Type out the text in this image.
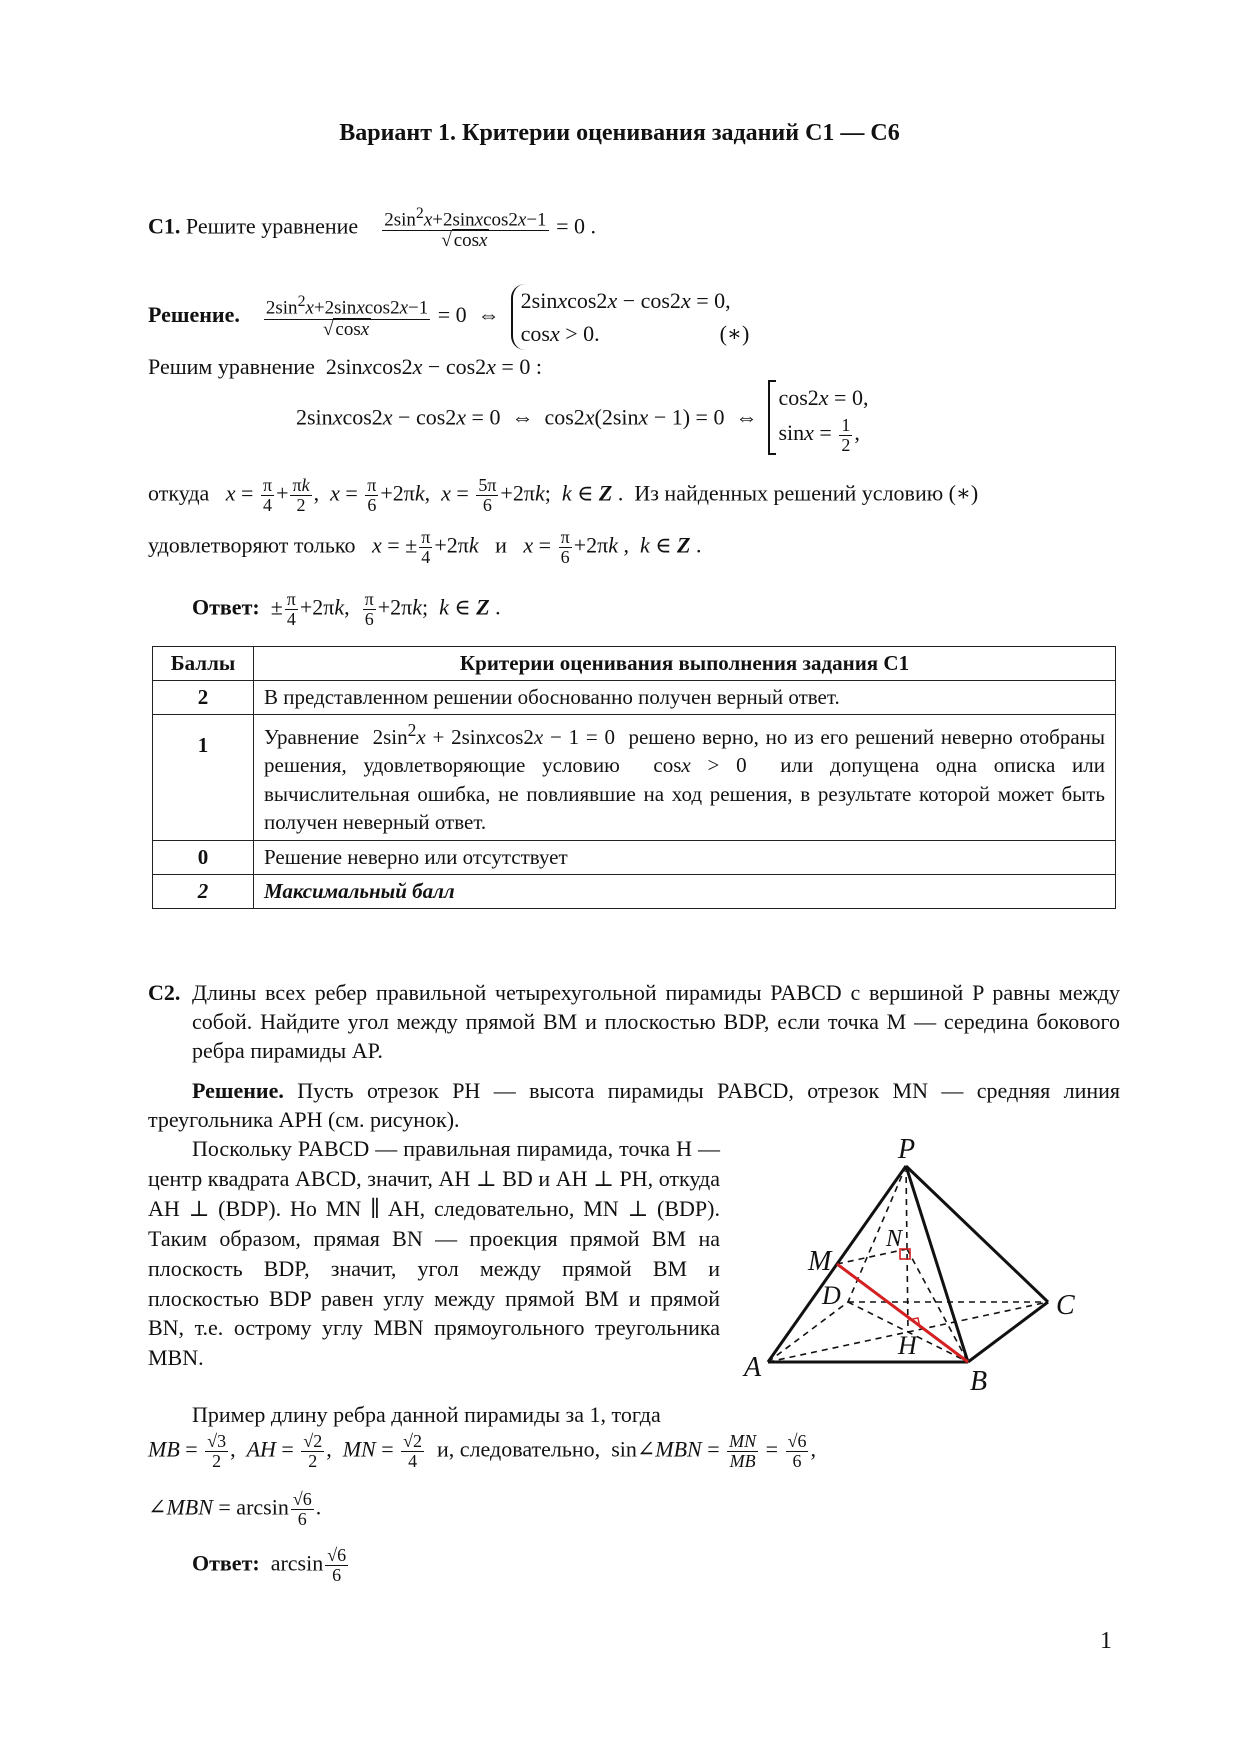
Вариант 1. Критерии оценивания заданий С1 — С6
С1. Решите уравнение $\frac{2\sin^2x+2sinxcos2x-1}{√ \cos x} = 0$ .
Решение. $\frac{2\sin^2x+2sinxcos2x-1}{√ \cos x} = 0$  ⇔  2sinxcos2x − cos2x = 0,
cosx > 0.	(∗)
Решим уравнение  2sinxcos2x − cos2x = 0 :
2sinxcos2x − cos2x = 0  ⇔  cos2x(2sinx − 1) = 0  ⇔  cos2x = 0,
$\sin x = \frac{1}{2}$ ,
откуда $x = \frac{\pi}{4} + \frac{\pi k}{2}$ ,  $x = \frac{\pi}{6} +2\pi k$,  $x = \frac{5\pi}{6} +2\pi k$;  k ∈ Z .  Из найденных решений условию (∗)
удовлетворяют только x = ± $\frac{\pi}{4} +2\pi k$ и $x = \frac{\pi}{6} +2\pi k$ ,  k ∈ Z .
Ответ:  ± $\frac{\pi}{4} +2\pi k$, $\frac{\pi}{6} +2\pi k$;  k ∈ Z .
Баллы	Критерии оценивания выполнения задания С1
2	В представленном решении обоснованно получен верный ответ.
1	Уравнение  $2\sin^2x$ + 2sinxcos2x − 1 = 0  решено верно, но из его решений неверно отобраны решения, удовлетворяющие условию  cosx > 0  или допущена одна описка или вычислительная ошибка, не повлиявшие на ход решения, в результате которой может быть получен неверный ответ.
0	Решение неверно или отсутствует
2	Максимальный балл
С2. Длины всех ребер правильной четырехугольной пирамиды PABCD с вершиной P равны между собой. Найдите угол между прямой BM и плоскостью BDP, если точка M — середина бокового ребра пирамиды AP.
Решение. Пусть отрезок PH — высота пирамиды PABCD, отрезок MN — средняя линия треугольника APH (см. рисунок).
Поскольку PABCD — правильная пирамида, точка H — центр квадрата ABCD, значит, AH ⊥ BD и AH ⊥ PH, откуда AH ⊥ (BDP). Но MN ∥ AH, следовательно, MN ⊥ (BDP). Таким образом, прямая BN — проекция прямой BM на плоскость BDP, значит, угол между прямой BM и плоскостью BDP равен углу между прямой BM и прямой BN, т.е. острому углу MBN прямоугольного треугольника MBN.
P
M
N
D	C
H
A	B
Пример длину ребра данной пирамиды за 1, тогда
MB = $\frac{√3}{2}$ ,  AH = $\frac{√2}{2}$ ,  MN = $\frac{√2}{4} и$, следовательно,  sin∠MBN = $\frac{MN}{MB} = \frac{√6}{6}$ ,
∠MBN = $\arcsin \frac{√6}{6}$ .
Ответ:  $\arcsin \frac{√6}{6}$
1
